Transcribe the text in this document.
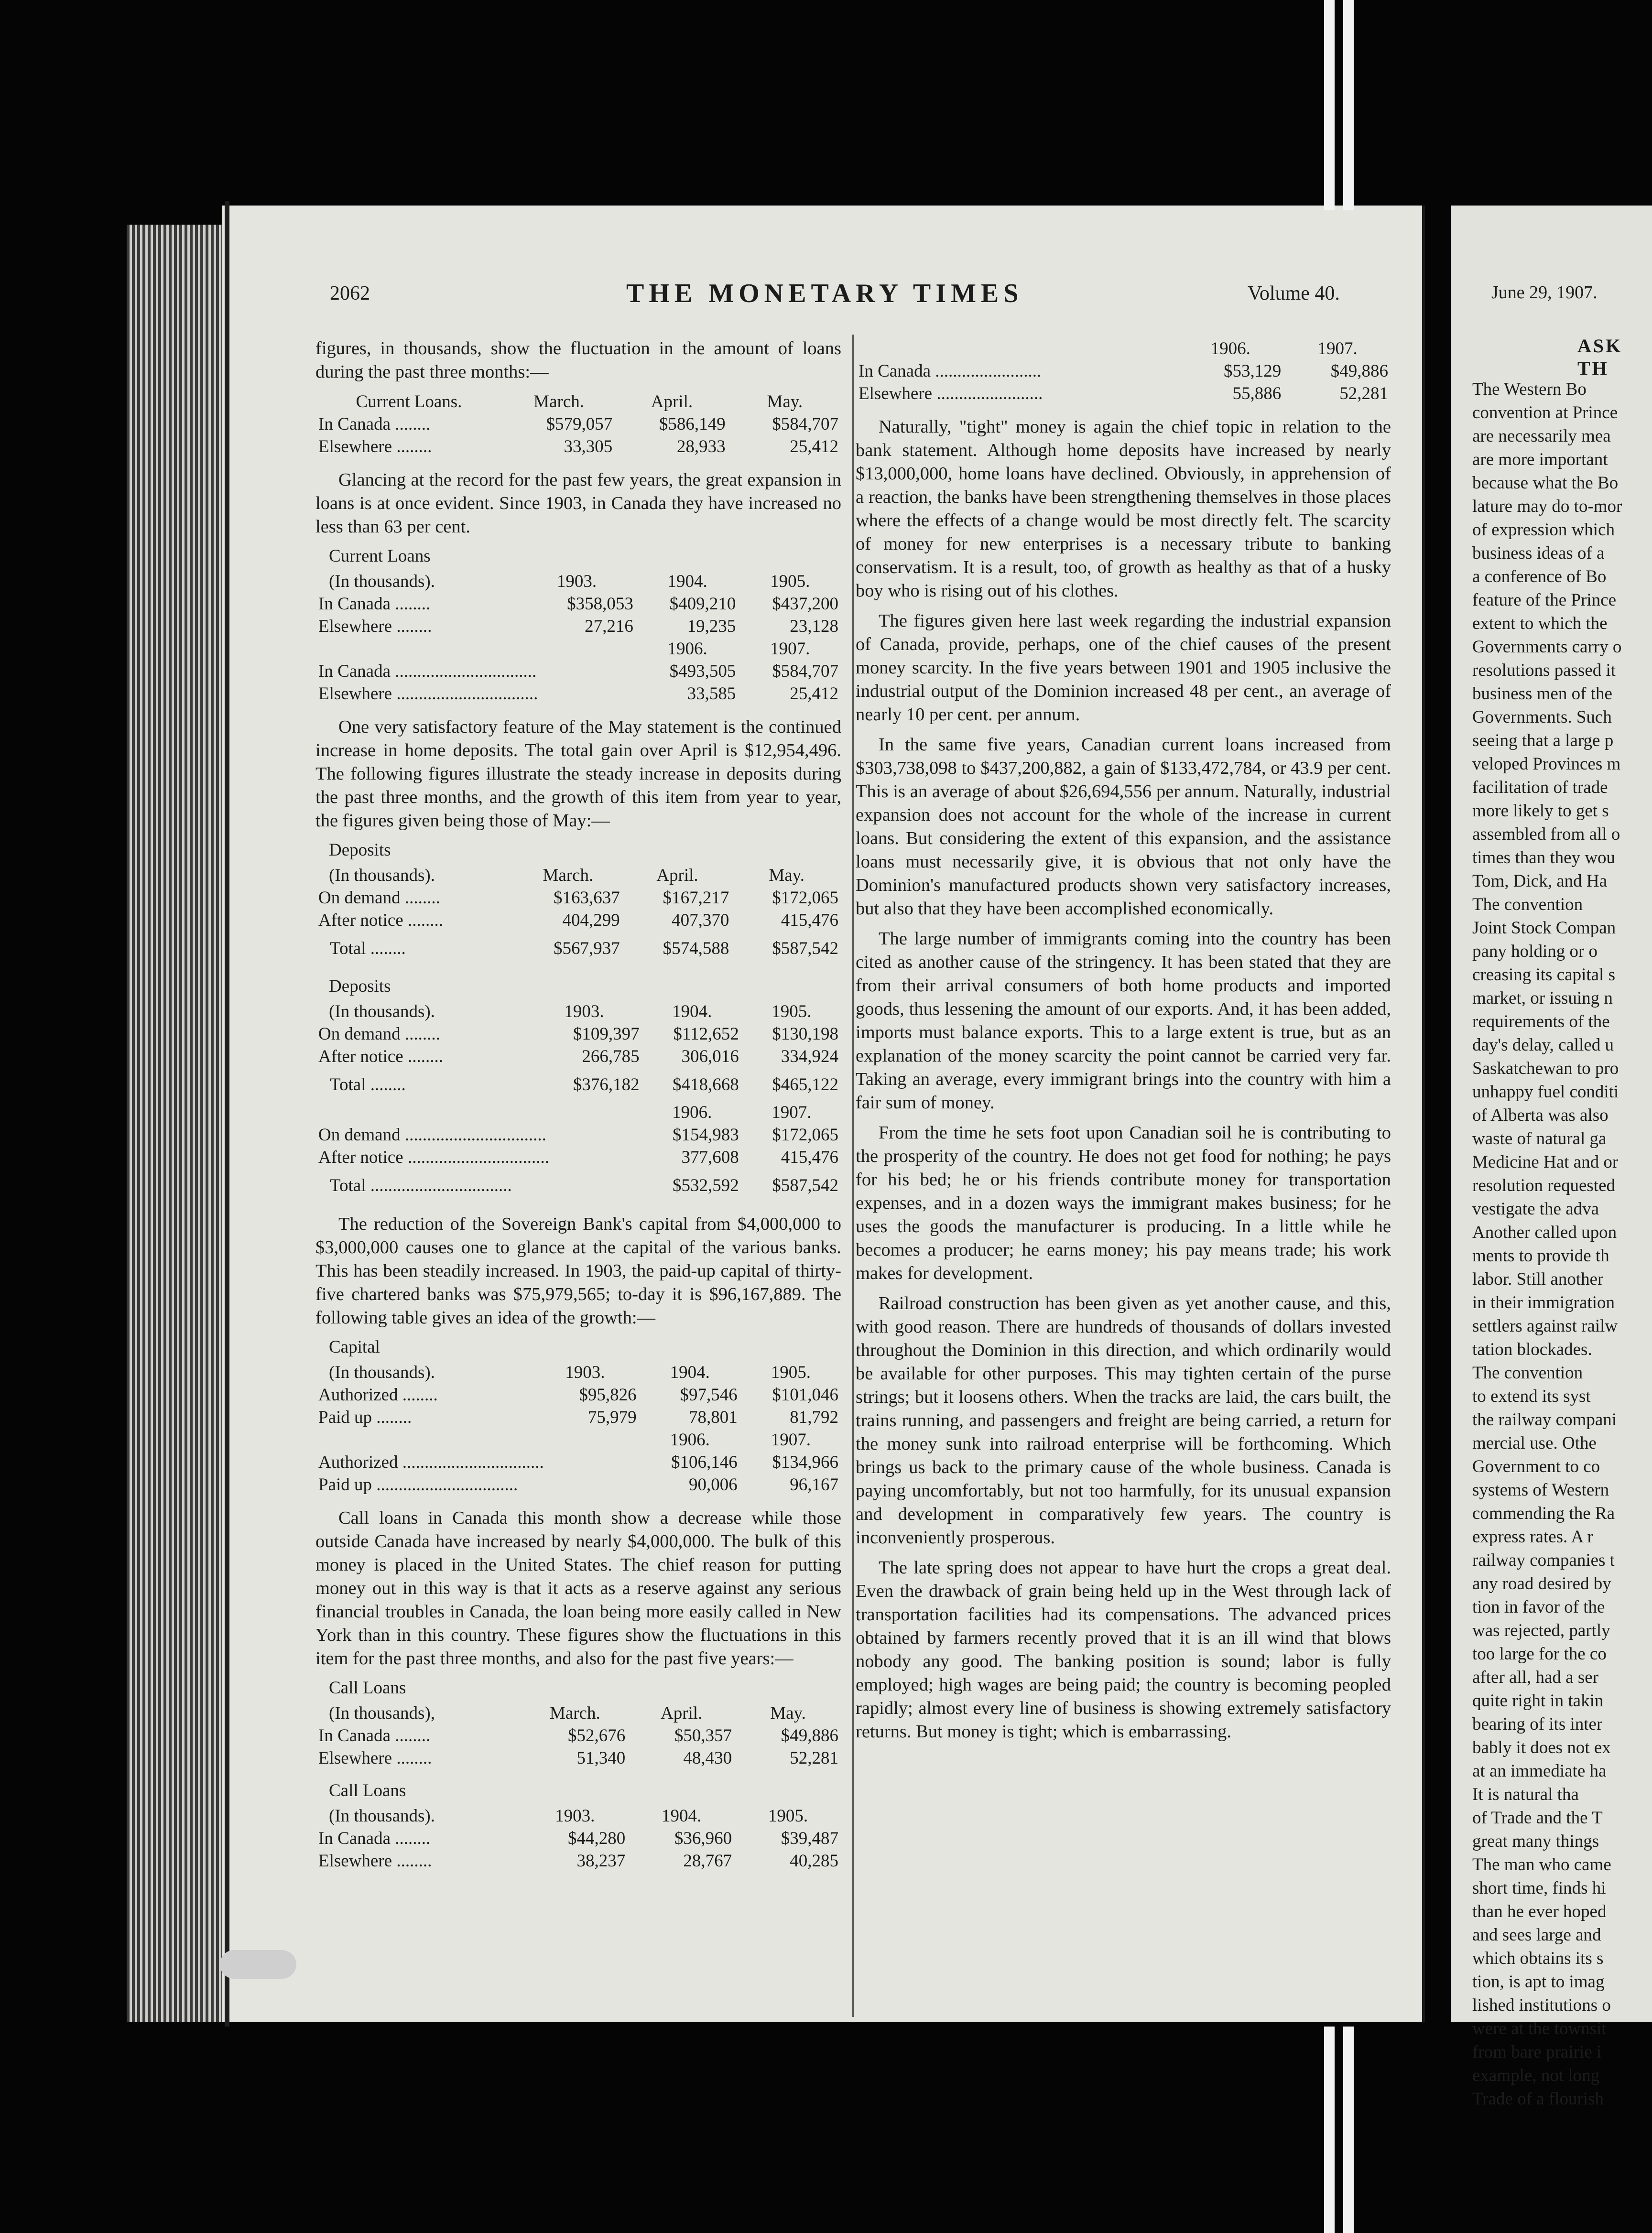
2062	THE MONETARY TIMES	Volume 40.

figures, in thousands, show the fluctuation in the amount of loans during the past three months:—

Current Loans.	March.	April.	May.
In Canada ........	$579,057	$586,149	$584,707
Elsewhere ........	33,305	28,933	25,412

Glancing at the record for the past few years, the great expansion in loans is at once evident. Since 1903, in Canada they have increased no less than 63 per cent.

Current Loans
(In thousands).	1903.	1904.	1905.
In Canada ........	$358,053	$409,210	$437,200
Elsewhere ........	27,216	19,235	23,128
		1906.	1907.
In Canada ................................		$493,505	$584,707
Elsewhere ................................		33,585	25,412

One very satisfactory feature of the May statement is the continued increase in home deposits. The total gain over April is $12,954,496. The following figures illustrate the steady increase in deposits during the past three months, and the growth of this item from year to year, the figures given being those of May:—

Deposits
(In thousands).	March.	April.	May.
On demand ........	$163,637	$167,217	$172,065
After notice ........	404,299	407,370	415,476
Total ........	$567,937	$574,588	$587,542
Deposits
(In thousands).	1903.	1904.	1905.
On demand ........	$109,397	$112,652	$130,198
After notice ........	266,785	306,016	334,924
Total ........	$376,182	$418,668	$465,122
		1906.	1907.
On demand ................................		$154,983	$172,065
After notice ................................		377,608	415,476
Total ................................		$532,592	$587,542

The reduction of the Sovereign Bank's capital from $4,000,000 to $3,000,000 causes one to glance at the capital of the various banks. This has been steadily increased. In 1903, the paid-up capital of thirty-five chartered banks was $75,979,565; to-day it is $96,167,889. The following table gives an idea of the growth:—

Capital
(In thousands).	1903.	1904.	1905.
Authorized ........	$95,826	$97,546	$101,046
Paid up ........	75,979	78,801	81,792
		1906.	1907.
Authorized ................................		$106,146	$134,966
Paid up ................................		90,006	96,167

Call loans in Canada this month show a decrease while those outside Canada have increased by nearly $4,000,000. The bulk of this money is placed in the United States. The chief reason for putting money out in this way is that it acts as a reserve against any serious financial troubles in Canada, the loan being more easily called in New York than in this country. These figures show the fluctuations in this item for the past three months, and also for the past five years:—

Call Loans
(In thousands),	March.	April.	May.
In Canada ........	$52,676	$50,357	$49,886
Elsewhere ........	51,340	48,430	52,281
Call Loans
(In thousands).	1903.	1904.	1905.
In Canada ........	$44,280	$36,960	$39,487
Elsewhere ........	38,237	28,767	40,285
	1906.	1907.
In Canada ........................	$53,129	$49,886
Elsewhere ........................	55,886	52,281

Naturally, "tight" money is again the chief topic in relation to the bank statement. Although home deposits have increased by nearly $13,000,000, home loans have declined. Obviously, in apprehension of a reaction, the banks have been strengthening themselves in those places where the effects of a change would be most directly felt. The scarcity of money for new enterprises is a necessary tribute to banking conservatism. It is a result, too, of growth as healthy as that of a husky boy who is rising out of his clothes.

The figures given here last week regarding the industrial expansion of Canada, provide, perhaps, one of the chief causes of the present money scarcity. In the five years between 1901 and 1905 inclusive the industrial output of the Dominion increased 48 per cent., an average of nearly 10 per cent. per annum.

In the same five years, Canadian current loans increased from $303,738,098 to $437,200,882, a gain of $133,472,784, or 43.9 per cent. This is an average of about $26,694,556 per annum. Naturally, industrial expansion does not account for the whole of the increase in current loans. But considering the extent of this expansion, and the assistance loans must necessarily give, it is obvious that not only have the Dominion's manufactured products shown very satisfactory increases, but also that they have been accomplished economically.

The large number of immigrants coming into the country has been cited as another cause of the stringency. It has been stated that they are from their arrival consumers of both home products and imported goods, thus lessening the amount of our exports. And, it has been added, imports must balance exports. This to a large extent is true, but as an explanation of the money scarcity the point cannot be carried very far. Taking an average, every immigrant brings into the country with him a fair sum of money.

From the time he sets foot upon Canadian soil he is contributing to the prosperity of the country. He does not get food for nothing; he pays for his bed; he or his friends contribute money for transportation expenses, and in a dozen ways the immigrant makes business; for he uses the goods the manufacturer is producing. In a little while he becomes a producer; he earns money; his pay means trade; his work makes for development.

Railroad construction has been given as yet another cause, and this, with good reason. There are hundreds of thousands of dollars invested throughout the Dominion in this direction, and which ordinarily would be available for other purposes. This may tighten certain of the purse strings; but it loosens others. When the tracks are laid, the cars built, the trains running, and passengers and freight are being carried, a return for the money sunk into railroad enterprise will be forthcoming. Which brings us back to the primary cause of the whole business. Canada is paying uncomfortably, but not too harmfully, for its unusual expansion and development in comparatively few years. The country is inconveniently prosperous.

The late spring does not appear to have hurt the crops a great deal. Even the drawback of grain being held up in the West through lack of transportation facilities had its compensations. The advanced prices obtained by farmers recently proved that it is an ill wind that blows nobody any good. The banking position is sound; labor is fully employed; high wages are being paid; the country is becoming peopled rapidly; almost every line of business is showing extremely satisfactory returns. But money is tight; which is embarrassing.

June 29, 1907.
ASK TH
The Western Bo
convention at Prince
are necessarily mea
are more important
because what the Bo
lature may do to-mor
of expression which
business ideas of a
a conference of Bo
feature of the Prince
extent to which the
Governments carry o
resolutions passed it
business men of the
Governments. Such
seeing that a large p
veloped Provinces m
facilitation of trade
more likely to get s
assembled from all o
times than they wou
Tom, Dick, and Ha
The convention
Joint Stock Compan
pany holding or o
creasing its capital s
market, or issuing n
requirements of the
day's delay, called u
Saskatchewan to pro
unhappy fuel conditi
of Alberta was also
waste of natural ga
Medicine Hat and or
resolution requested
vestigate the adva
Another called upon
ments to provide th
labor. Still another
in their immigration
settlers against railw
tation blockades.
The convention
to extend its syst
the railway compani
mercial use. Othe
Government to co
systems of Western
commending the Ra
express rates. A r
railway companies t
any road desired by
tion in favor of the
was rejected, partly
too large for the co
after all, had a ser
quite right in takin
bearing of its inter
bably it does not ex
at an immediate ha
It is natural tha
of Trade and the T
great many things
The man who came
short time, finds hi
than he ever hoped
and sees large and
which obtains its s
tion, is apt to imag
lished institutions o
were at the townsit
from bare prairie i
example, not long
Trade of a flourish
